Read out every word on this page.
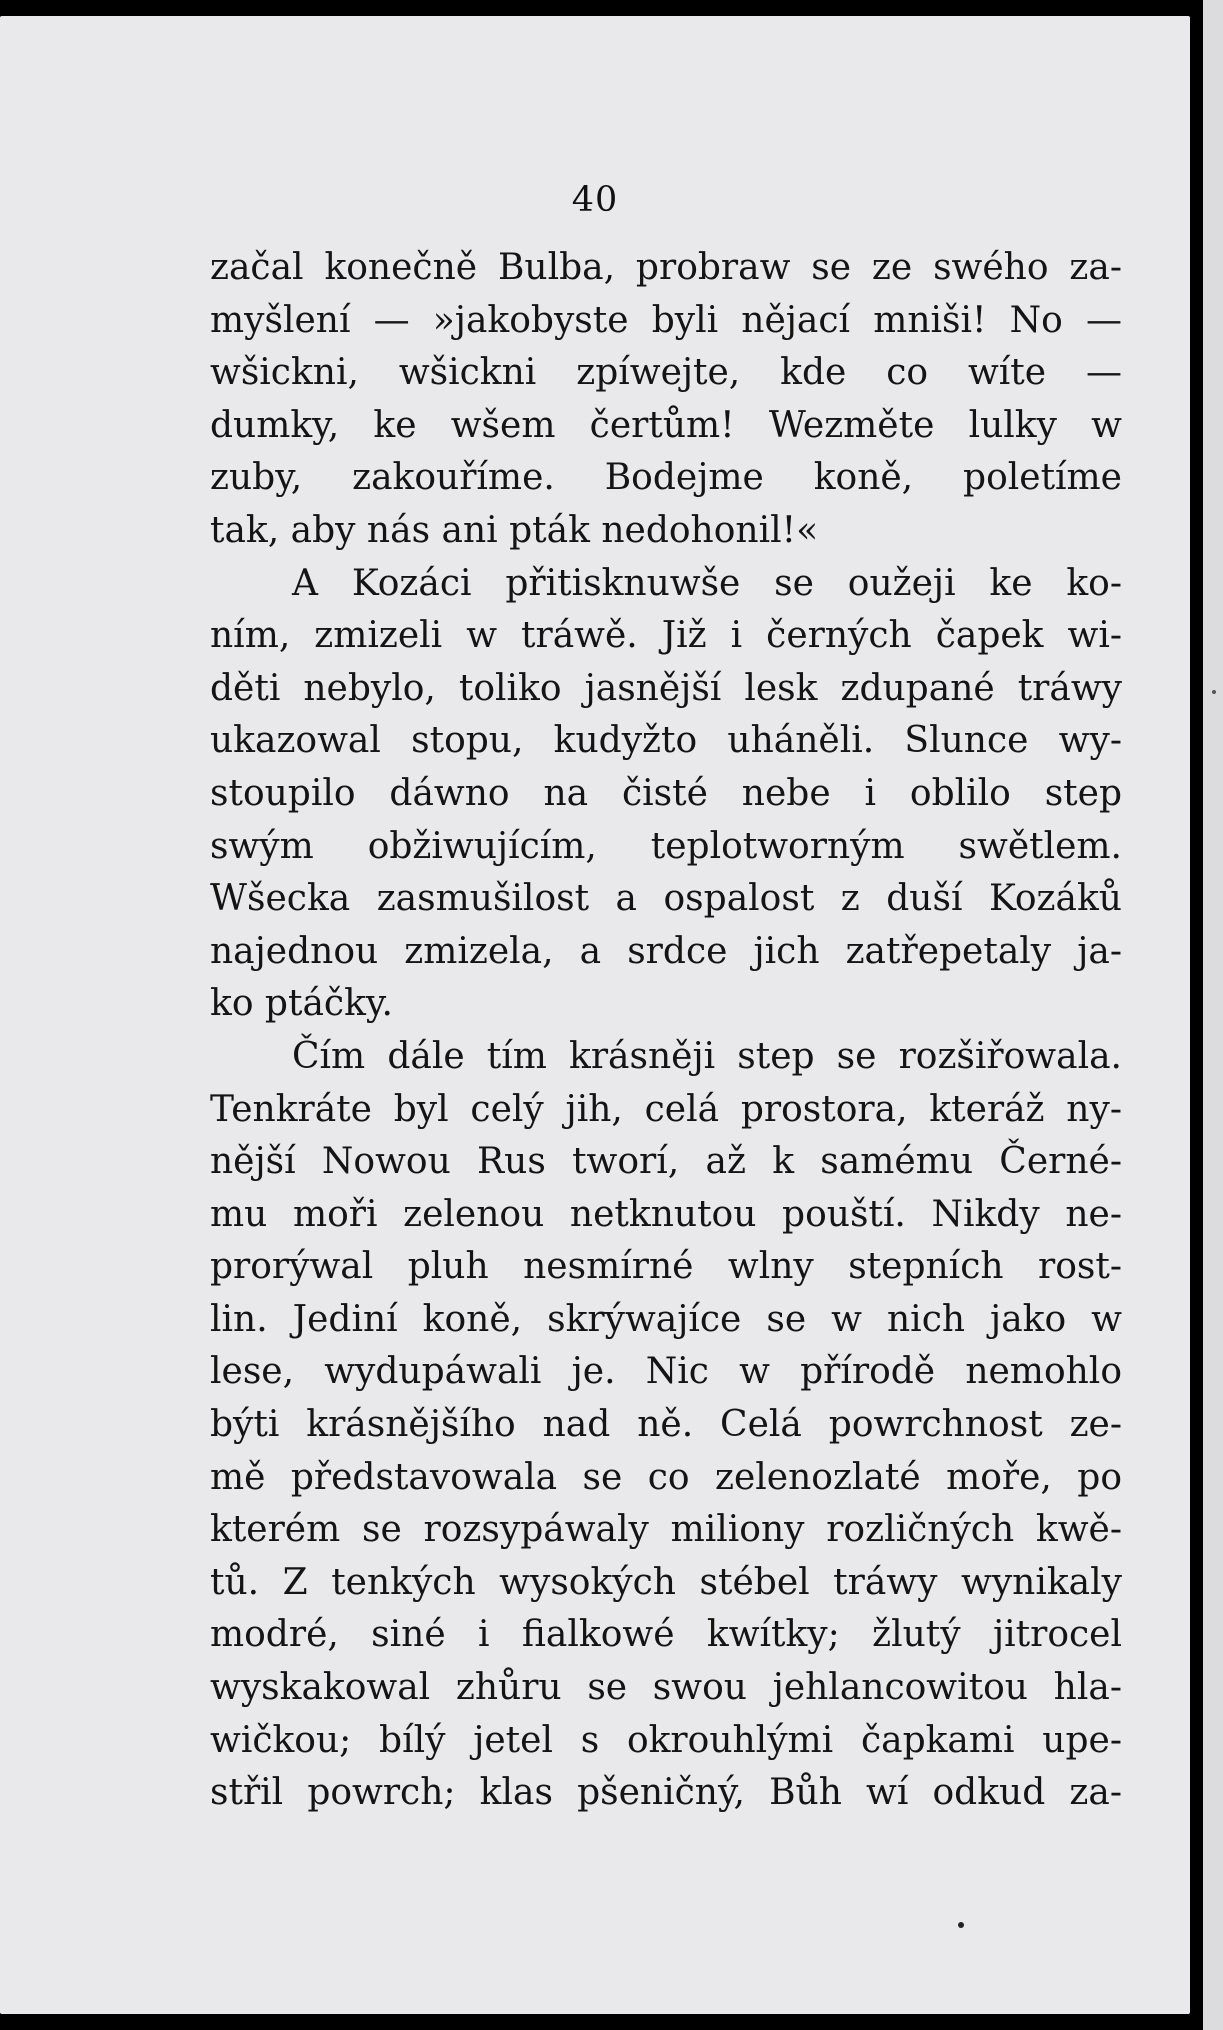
40
začal konečně Bulba, probraw se ze swého za-
myšlení — »jakobyste byli nějací mniši! No —
wšickni, wšickni zpíwejte, kde co wíte —
dumky, ke wšem čertům! Wezměte lulky w
zuby, zakouříme. Bodejme koně, poletíme
tak, aby nás ani pták nedohonil!«
A Kozáci přitisknuwše se oužeji ke ko-
ním, zmizeli w tráwě. Již i černých čapek wi-
děti nebylo, toliko jasnější lesk zdupané tráwy
ukazowal stopu, kudyžto uháněli. Slunce wy-
stoupilo dáwno na čisté nebe i oblilo step
swým obžiwujícím, teplotworným swětlem.
Wšecka zasmušilost a ospalost z duší Kozáků
najednou zmizela, a srdce jich zatřepetaly ja-
ko ptáčky.
Čím dále tím krásněji step se rozšiřowala.
Tenkráte byl celý jih, celá prostora, kteráž ny-
nější Nowou Rus tworí, až k samému Černé-
mu moři zelenou netknutou pouští. Nikdy ne-
prorýwal pluh nesmírné wlny stepních rost-
lin. Jediní koně, skrýwajíce se w nich jako w
lese, wydupáwali je. Nic w přírodě nemohlo
býti krásnějšího nad ně. Celá powrchnost ze-
mě představowala se co zelenozlaté moře, po
kterém se rozsypáwaly miliony rozličných kwě-
tů. Z tenkých wysokých stébel tráwy wynikaly
modré, siné i fialkowé kwítky; žlutý jitrocel
wyskakowal zhůru se swou jehlancowitou hla-
wičkou; bílý jetel s okrouhlými čapkami upe-
střil powrch; klas pšeničný, Bůh wí odkud za-
